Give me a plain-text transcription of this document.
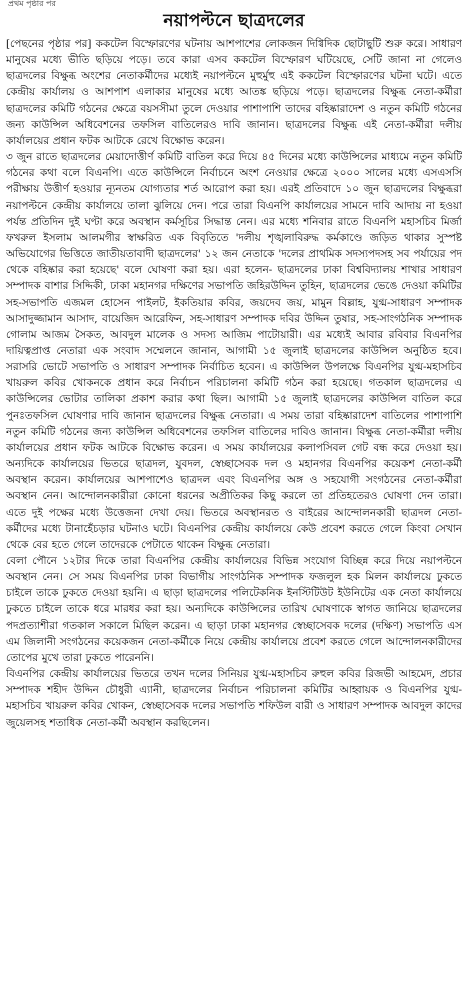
প্রথম পৃষ্ঠার পর
নয়াপল্টনে ছাত্রদলের

[পেছনের পৃষ্ঠার পর] ককটেল বিস্ফোরণের ঘটনায় আশপাশের লোকজন দিগ্বিদিক ছোটাছুটি শুরু করে। সাধারণ মানুষের মধ্যে ভীতি ছড়িয়ে পড়ে। তবে কারা এসব ককটেল বিস্ফোরণ ঘটিয়েছে, সেটি জানা না গেলেও ছাত্রদলের বিক্ষুব্ধ অংশের নেতাকর্মীদের মধ্যেই নয়াপল্টনে মুহুর্মুহু এই ককটেল বিস্ফোরণের ঘটনা ঘটে। এতে কেন্দ্রীয় কার্যালয় ও আশপাশ এলাকার মানুষের মধ্যে আতঙ্ক ছড়িয়ে পড়ে। ছাত্রদলের বিক্ষুব্ধ নেতা-কর্মীরা ছাত্রদলের কমিটি গঠনের ক্ষেত্রে বয়সসীমা তুলে দেওয়ার পাশাপাশি তাদের বহিষ্কারাদেশ ও নতুন কমিটি গঠনের জন্য কাউন্সিল অধিবেশনের তফসিল বাতিলেরও দাবি জানান। ছাত্রদলের বিক্ষুব্ধ এই নেতা-কর্মীরা দলীয় কার্যালয়ের প্রধান ফটক আটকে রেখে বিক্ষোভ করেন।

৩ জুন রাতে ছাত্রদলের মেয়াদোত্তীর্ণ কমিটি বাতিল করে দিয়ে ৪৫ দিনের মধ্যে কাউন্সিলের মাধ্যমে নতুন কমিটি গঠনের কথা বলে বিএনপি। এতে কাউন্সিলে নির্বাচনে অংশ নেওয়ার ক্ষেত্রে ২০০০ সালের মধ্যে এসএসসি পরীক্ষায় উত্তীর্ণ হওয়ার ন্যূনতম যোগ্যতার শর্ত আরোপ করা হয়। এরই প্রতিবাদে ১০ জুন ছাত্রদলের বিক্ষুব্ধরা নয়াপল্টনে কেন্দ্রীয় কার্যালয়ে তালা ঝুলিয়ে দেন। পরে তারা বিএনপি কার্যালয়ের সামনে দাবি আদায় না হওয়া পর্যন্ত প্রতিদিন দুই ঘণ্টা করে অবস্থান কর্মসূচির সিদ্ধান্ত নেন। এর মধ্যে শনিবার রাতে বিএনপি মহাসচিব মির্জা ফখরুল ইসলাম আলমগীর স্বাক্ষরিত এক বিবৃতিতে 'দলীয় শৃঙ্খলাবিরুদ্ধ কর্মকাণ্ডে জড়িত থাকার সুস্পষ্ট অভিযোগের ভিত্তিতে জাতীয়তাবাদী ছাত্রদলের' ১২ জন নেতাকে 'দলের প্রাথমিক সদস্যপদসহ সব পর্যায়ের পদ থেকে বহিষ্কার করা হয়েছে' বলে ঘোষণা করা হয়। এরা হলেন- ছাত্রদলের ঢাকা বিশ্ববিদ্যালয় শাখার সাধারণ সম্পাদক বাশার সিদ্দিকী, ঢাকা মহানগর দক্ষিণের সভাপতি জহিরউদ্দিন তুহিন, ছাত্রদলের ভেঙে দেওয়া কমিটির সহ-সভাপতি এজমল হোসেন পাইলট, ইকতিয়ার কবির, জয়দেব জয়, মামুন বিল্লাহ, যুগ্ম-সাধারণ সম্পাদক আসাদুজ্জামান আসাদ, বায়েজিদ আরেফিন, সহ-সাধারণ সম্পাদক দবির উদ্দিন তুষার, সহ-সাংগঠনিক সম্পাদক গোলাম আজম সৈকত, আবদুল মালেক ও সদস্য আজিম পাটোয়ারী। এর মধ্যেই আবার রবিবার বিএনপির দায়িত্বপ্রাপ্ত নেতারা এক সংবাদ সম্মেলনে জানান, আগামী ১৫ জুলাই ছাত্রদলের কাউন্সিল অনুষ্ঠিত হবে। সরাসরি ভোটে সভাপতি ও সাধারণ সম্পাদক নির্বাচিত হবেন। এ কাউন্সিল উপলক্ষে বিএনপির যুগ্ম-মহাসচিব খায়রুল কবির খোকনকে প্রধান করে নির্বাচন পরিচালনা কমিটি গঠন করা হয়েছে। গতকাল ছাত্রদলের এ কাউন্সিলের ভোটার তালিকা প্রকাশ করার কথা ছিল। আগামী ১৫ জুলাই ছাত্রদলের কাউন্সিল বাতিল করে পুনঃতফসিল ঘোষণার দাবি জানান ছাত্রদলের বিক্ষুব্ধ নেতারা। এ সময় তারা বহিষ্কারাদেশ বাতিলের পাশাপাশি নতুন কমিটি গঠনের জন্য কাউন্সিল অধিবেশনের তফসিল বাতিলের দাবিও জানান। বিক্ষুব্ধ নেতা-কর্মীরা দলীয় কার্যালয়ের প্রধান ফটক আটকে বিক্ষোভ করেন। এ সময় কার্যালয়ের কলাপসিবল গেট বন্ধ করে দেওয়া হয়। অন্যদিকে কার্যালয়ের ভিতরে ছাত্রদল, যুবদল, স্বেচ্ছাসেবক দল ও মহানগর বিএনপির কয়েকশ নেতা-কর্মী অবস্থান করেন। কার্যালয়ের আশপাশেও ছাত্রদল এবং বিএনপির অঙ্গ ও সহযোগী সংগঠনের নেতা-কর্মীরা অবস্থান নেন। আন্দোলনকারীরা কোনো ধরনের অপ্রীতিকর কিছু করলে তা প্রতিহতেরও ঘোষণা দেন তারা। এতে দুই পক্ষের মধ্যে উত্তেজনা দেখা দেয়। ভিতরে অবস্থানরত ও বাইরের আন্দোলনকারী ছাত্রদল নেতা-কর্মীদের মধ্যে টানাহেঁচড়ার ঘটনাও ঘটে। বিএনপির কেন্দ্রীয় কার্যালয়ে কেউ প্রবেশ করতে গেলে কিংবা সেখান থেকে বের হতে গেলে তাদেরকে পেটাতে থাকেন বিক্ষুব্ধ নেতারা।

বেলা পৌনে ১২টার দিকে তারা বিএনপির কেন্দ্রীয় কার্যালয়ের বিভিন্ন সংযোগ বিচ্ছিন্ন করে দিয়ে নয়াপল্টনে অবস্থান নেন। সে সময় বিএনপির ঢাকা বিভাগীয় সাংগঠনিক সম্পাদক ফজলুল হক মিলন কার্যালয়ে ঢুকতে চাইলে তাকে ঢুকতে দেওয়া হয়নি। এ ছাড়া ছাত্রদলের পলিটেকনিক ইনস্টিটিউট ইউনিটের এক নেতা কার্যালয়ে ঢুকতে চাইলে তাকে ধরে মারধর করা হয়। অন্যদিকে কাউন্সিলের তারিখ ঘোষণাকে স্বাগত জানিয়ে ছাত্রদলের পদপ্রত্যাশীরা গতকাল সকালে মিছিল করেন। এ ছাড়া ঢাকা মহানগর স্বেচ্ছাসেবক দলের (দক্ষিণ) সভাপতি এস এম জিলানী সংগঠনের কয়েকজন নেতা-কর্মীকে নিয়ে কেন্দ্রীয় কার্যালয়ে প্রবেশ করতে গেলে আন্দোলনকারীদের তোপের মুখে তারা ঢুকতে পারেননি।

বিএনপির কেন্দ্রীয় কার্যালয়ের ভিতরে তখন দলের সিনিয়র যুগ্ম-মহাসচিব রুহুল কবির রিজভী আহমেদ, প্রচার সম্পাদক শহীদ উদ্দিন চৌধুরী এ্যানী, ছাত্রদলের নির্বাচন পরিচালনা কমিটির আহ্বায়ক ও বিএনপির যুগ্ম-মহাসচিব খায়রুল কবির খোকন, স্বেচ্ছাসেবক দলের সভাপতি শফিউল বারী ও সাধারণ সম্পাদক আবদুল কাদের জুয়েলসহ শতাধিক নেতা-কর্মী অবস্থান করছিলেন।
